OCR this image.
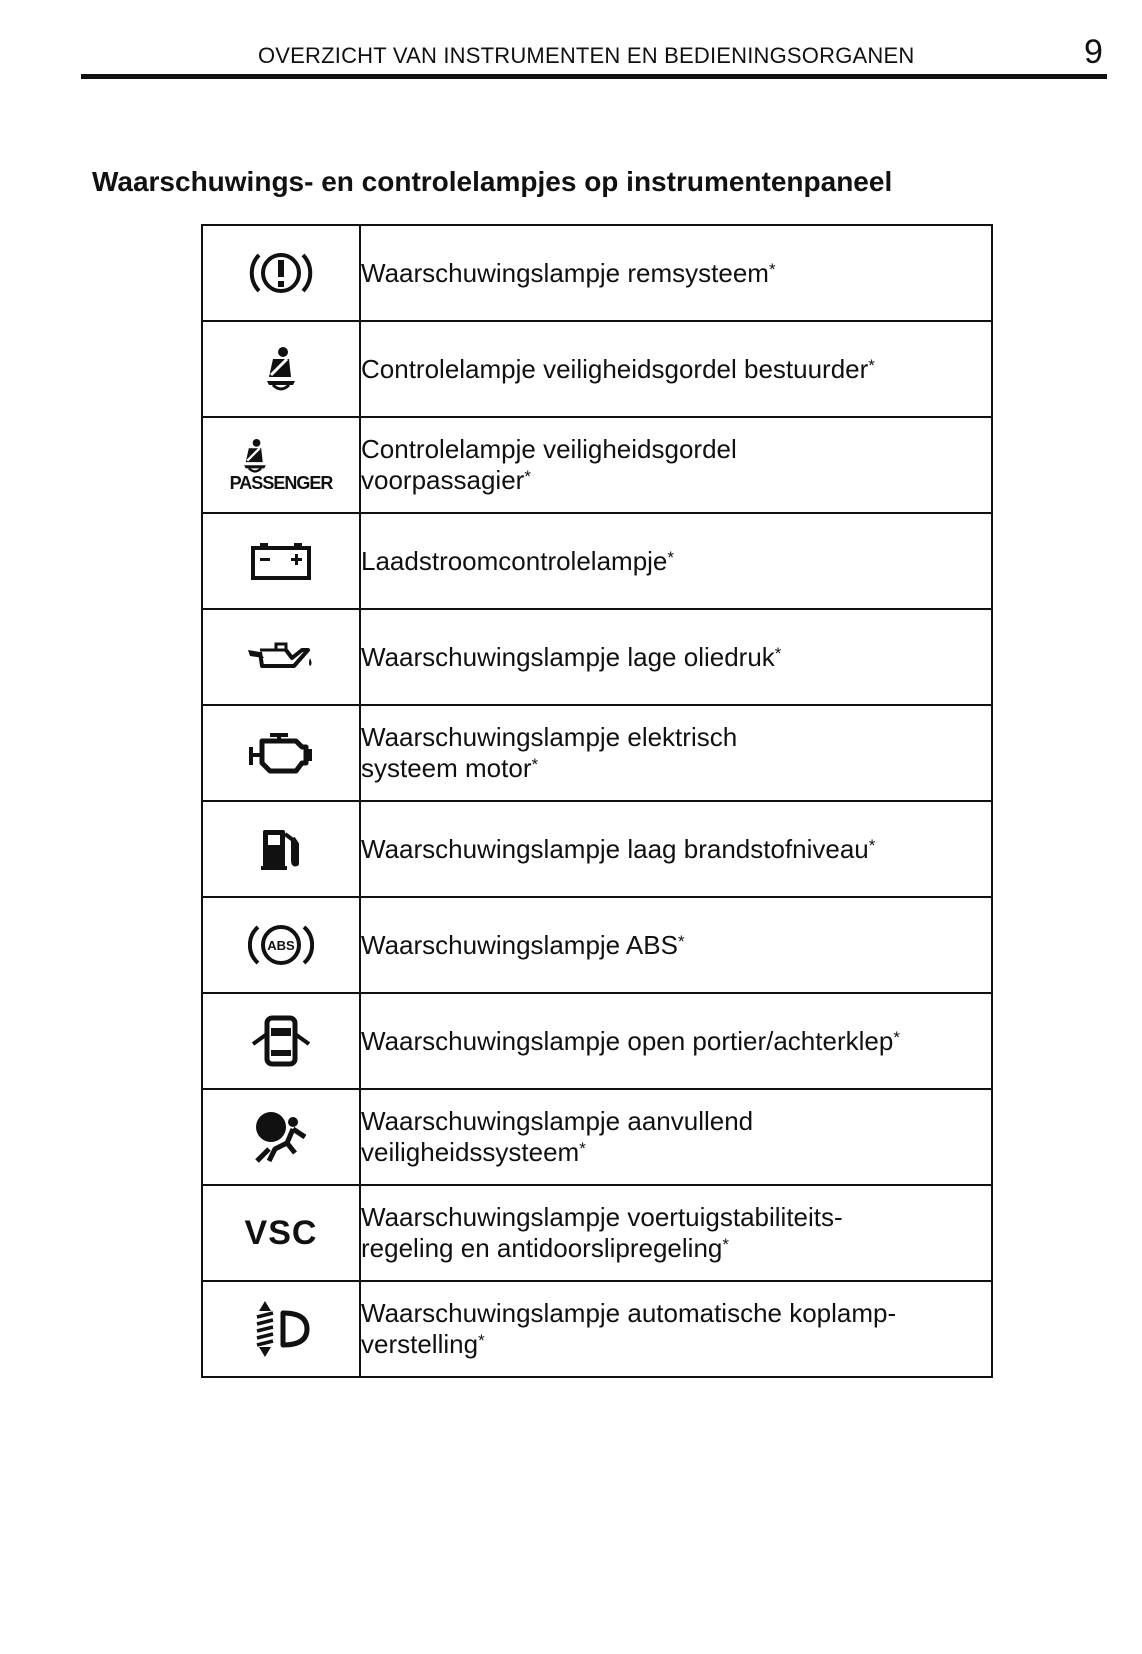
OVERZICHT VAN INSTRUMENTEN EN BEDIENINGSORGANEN	9
Waarschuwings- en controlelampjes op instrumentenpaneel
	Waarschuwingslampje remsysteem*

	Controlelampje veiligheidsgordel bestuurder*

PASSENGER	Controlelampje veiligheidsgordel
voorpassagier*

	Laadstroomcontrolelampje*

	Waarschuwingslampje lage oliedruk*

	Waarschuwingslampje elektrisch
systeem motor*

	Waarschuwingslampje laag brandstofniveau*

ABS	Waarschuwingslampje ABS*

	Waarschuwingslampje open portier/achterklep*

	Waarschuwingslampje aanvullend
veiligheidssysteem*
VSC	Waarschuwingslampje voertuigstabiliteits-
regeling en antidoorslipregeling*

	Waarschuwingslampje automatische koplamp-
verstelling*
